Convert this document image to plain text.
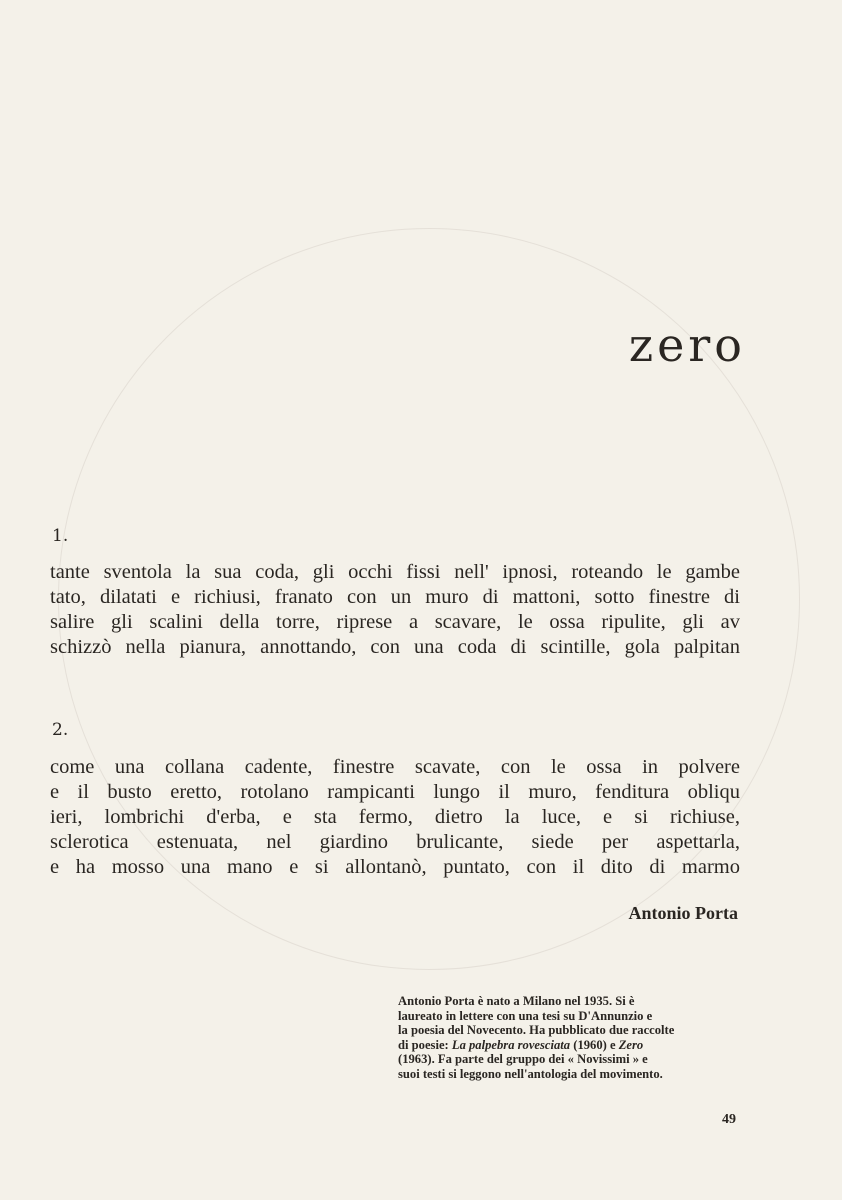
zero
1.
tante sventola la sua coda, gli occhi fissi nell' ipnosi, roteando le gambe
tato, dilatati e richiusi, franato con un muro di mattoni, sotto finestre di
salire gli scalini della torre, riprese a scavare, le ossa ripulite, gli av
schizzò nella pianura, annottando, con una coda di scintille, gola palpitan
2.
come una collana cadente, finestre scavate, con le ossa in polvere
e il busto eretto, rotolano rampicanti lungo il muro, fenditura obliqu
ieri, lombrichi d'erba, e sta fermo, dietro la luce, e si richiuse,
sclerotica estenuata, nel giardino brulicante, siede per aspettarla,
e ha mosso una mano e si allontanò, puntato, con il dito di marmo
Antonio Porta
Antonio Porta è nato a Milano nel 1935. Si è
laureato in lettere con una tesi su D'Annunzio e
la poesia del Novecento. Ha pubblicato due raccolte
di poesie: La palpebra rovesciata (1960) e Zero
(1963). Fa parte del gruppo dei « Novissimi » e
suoi testi si leggono nell'antologia del movimento.
49
